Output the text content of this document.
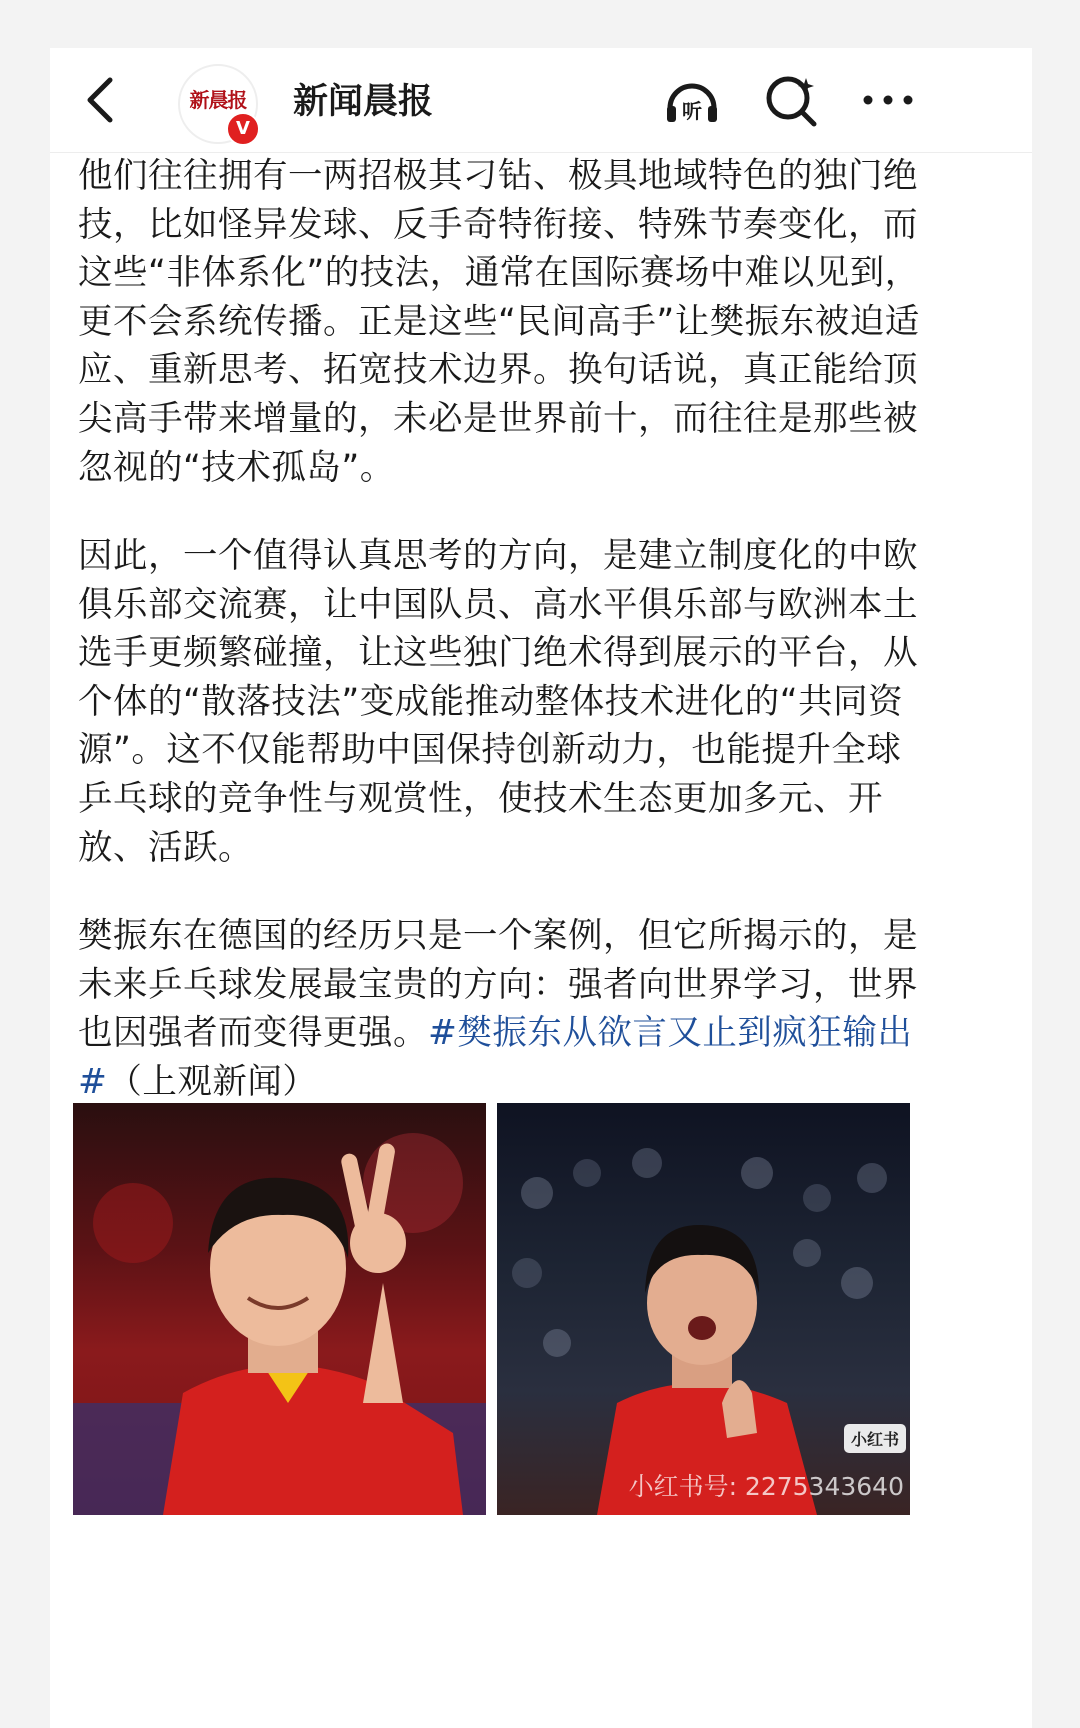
新晨报
V
新闻晨报	听

他们往往拥有一两招极其刁钻、极具地域特色的独门绝技，比如怪异发球、反手奇特衔接、特殊节奏变化，而这些“非体系化”的技法，通常在国际赛场中难以见到，更不会系统传播。正是这些“民间高手”让樊振东被迫适应、重新思考、拓宽技术边界。换句话说，真正能给顶尖高手带来增量的，未必是世界前十，而往往是那些被忽视的“技术孤岛”。

因此，一个值得认真思考的方向，是建立制度化的中欧俱乐部交流赛，让中国队员、高水平俱乐部与欧洲本土选手更频繁碰撞，让这些独门绝术得到展示的平台，从个体的“散落技法”变成能推动整体技术进化的“共同资源”。这不仅能帮助中国保持创新动力，也能提升全球乒乓球的竞争性与观赏性，使技术生态更加多元、开放、活跃。

樊振东在德国的经历只是一个案例，但它所揭示的，是未来乒乓球发展最宝贵的方向：强者向世界学习，世界也因强者而变得更强。#樊振东从欲言又止到疯狂输出#（上观新闻）

小红书
小红书号: 2275343640
